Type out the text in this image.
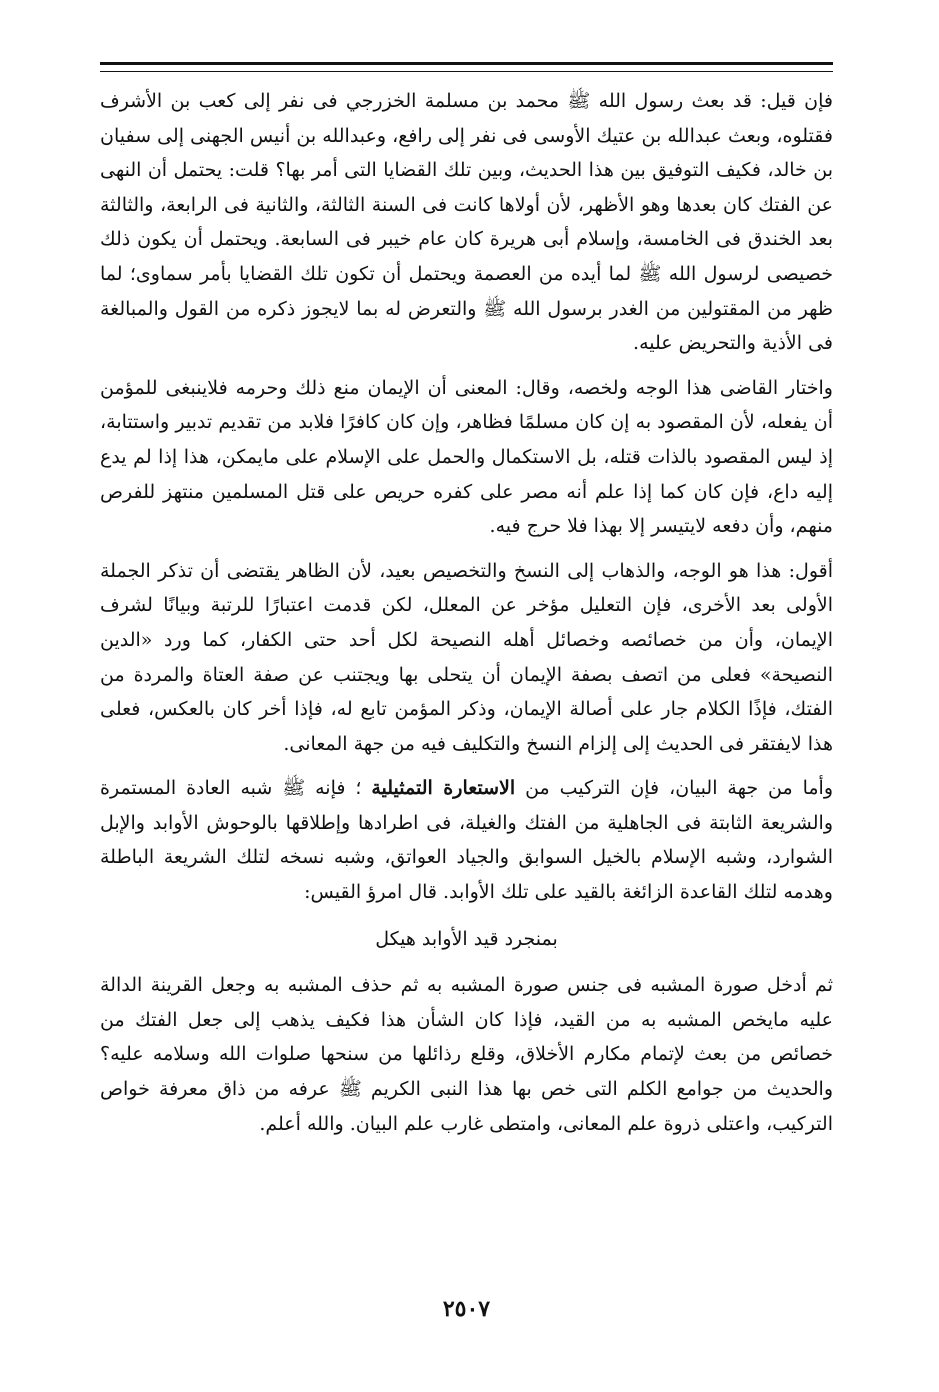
فإن قيل: قد بعث رسول الله ﷺ محمد بن مسلمة الخزرجي فى نفر إلى كعب بن الأشرف فقتلوه، وبعث عبدالله بن عتيك الأوسى فى نفر إلى رافع، وعبدالله بن أنيس الجهنى إلى سفيان بن خالد، فكيف التوفيق بين هذا الحديث، وبين تلك القضايا التى أمر بها؟ قلت: يحتمل أن النهى عن الفتك كان بعدها وهو الأظهر، لأن أولاها كانت فى السنة الثالثة، والثانية فى الرابعة، والثالثة بعد الخندق فى الخامسة، وإسلام أبى هريرة كان عام خيبر فى السابعة. ويحتمل أن يكون ذلك خصيصى لرسول الله ﷺ لما أيده من العصمة ويحتمل أن تكون تلك القضايا بأمر سماوى؛ لما ظهر من المقتولين من الغدر برسول الله ﷺ والتعرض له بما لايجوز ذكره من القول والمبالغة فى الأذية والتحريض عليه.

واختار القاضى هذا الوجه ولخصه، وقال: المعنى أن الإيمان منع ذلك وحرمه فلاينبغى للمؤمن أن يفعله، لأن المقصود به إن كان مسلمًا فظاهر، وإن كان كافرًا فلابد من تقديم تدبير واستتابة، إذ ليس المقصود بالذات قتله، بل الاستكمال والحمل على الإسلام على مايمكن، هذا إذا لم يدع إليه داع، فإن كان كما إذا علم أنه مصر على كفره حريص على قتل المسلمين منتهز للفرص منهم، وأن دفعه لايتيسر إلا بهذا فلا حرج فيه.

أقول: هذا هو الوجه، والذهاب إلى النسخ والتخصيص بعيد، لأن الظاهر يقتضى أن تذكر الجملة الأولى بعد الأخرى، فإن التعليل مؤخر عن المعلل، لكن قدمت اعتبارًا للرتبة وبيانًا لشرف الإيمان، وأن من خصائصه وخصائل أهله النصيحة لكل أحد حتى الكفار، كما ورد «الدين النصيحة» فعلى من اتصف بصفة الإيمان أن يتحلى بها ويجتنب عن صفة العتاة والمردة من الفتك، فإذًا الكلام جار على أصالة الإيمان، وذكر المؤمن تابع له، فإذا أخر كان بالعكس، فعلى هذا لايفتقر فى الحديث إلى إلزام النسخ والتكليف فيه من جهة المعانى.

وأما من جهة البيان، فإن التركيب من الاستعارة التمثيلية ؛ فإنه ﷺ شبه العادة المستمرة والشريعة الثابتة فى الجاهلية من الفتك والغيلة، فى اطرادها وإطلاقها بالوحوش الأوابد والإبل الشوارد، وشبه الإسلام بالخيل السوابق والجياد العواتق، وشبه نسخه لتلك الشريعة الباطلة وهدمه لتلك القاعدة الزائغة بالقيد على تلك الأوابد. قال امرؤ القيس:

بمنجرد قيد الأوابد هيكل

ثم أدخل صورة المشبه فى جنس صورة المشبه به ثم حذف المشبه به وجعل القرينة الدالة عليه مايخص المشبه به من القيد، فإذا كان الشأن هذا فكيف يذهب إلى جعل الفتك من خصائص من بعث لإتمام مكارم الأخلاق، وقلع رذائلها من سنحها صلوات الله وسلامه عليه؟ والحديث من جوامع الكلم التى خص بها هذا النبى الكريم ﷺ عرفه من ذاق معرفة خواص التركيب، واعتلى ذروة علم المعانى، وامتطى غارب علم البيان. والله أعلم.

٢٥٠٧
